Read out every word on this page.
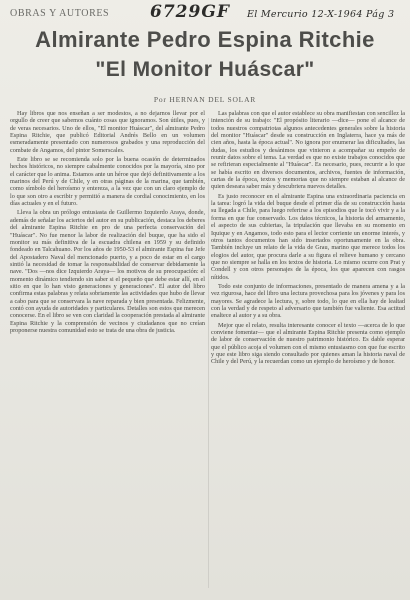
OBRAS Y AUTORES 6729GF El Mercurio 12-X-1964 Pág 3
Almirante Pedro Espina Ritchie
"El Monitor Huáscar"
Por HERNAN DEL SOLAR

Hay libros que nos enseñan a ser modestos, a no dejarnos llevar por el orgullo de creer que sabemos cuánto cosas que ignoramos. Son útiles, pues, y de veras necesarios. Uno de ellos, "El monitor Huáscar", del almirante Pedro Espina Ritchie, que publicó Editorial Andrés Bello en un volumen esmeradamente presentado con numerosos grabados y una reproducción del combate de Angamos, del pintor Somerscales.

Este libro se se recomienda solo por la buena ocasión de determinados hechos históricos, no siempre cabalmente conocidos por la mayoría, sino por el carácter que lo anima. Estamos ante un héroe que dejó definitivamente a los marinos del Perú y de Chile, y en otras páginas de la marina, que también, como símbolo del heroísmo y entereza, a la vez que con un claro ejemplo de lo que son otro a escribir y permitió a manera de cordial conocimiento, en los días actuales y en el futuro.

Lleva la obra un prólogo entusiasta de Guillermo Izquierdo Araya, donde, además de señalar los aciertos del autor en su publicación, destaca los deberes del almirante Espina Ritchie en pro de una perfecta conservación del "Huáscar". No fue menor la labor de realización del buque, que ha sido el monitor su más definitiva de la escuadra chilena en 1959 y su definido fondeado en Talcahuano. Por los años de 1950-53 el almirante Espina fue Jefe del Apostadero Naval del mencionado puerto, y a poco de estar en el cargo sintió la necesidad de tomar la responsabilidad de conservar debidamente la nave. "Dos —nos dice Izquierdo Araya— los motivos de su preocupación: el momento dinámico tendiendo sin saber si el pequeño que debe estar allí, en el sitio en que lo han visto generaciones y generaciones". El autor del libro confirma estas palabras y relata sobriamente las actividades que hubo de llevar a cabo para que se conservara la nave reparada y bien presentada. Felizmente, contó con ayuda de autoridades y particulares. Detalles son estos que merecen conocerse. En el libro se ven con claridad la cooperación prestada al almirante Espina Ritchie y la comprensión de vecinos y ciudadanos que no creían proponerse nuestra comunidad esto se trata de una obra de justicia.

Las palabras con que el autor establece su obra manifiestan con sencillez la intención de su trabajo: "El propósito literario —dice— pone el alcance de todos nuestros compatriotas algunos antecedentes generales sobre la historia del monitor "Huáscar" desde su construcción en Inglaterra, hace ya más de cien años, hasta la época actual". No ignora por enumerar las dificultades, las dudas, los estudios y desánimos que vinieron a acompañar su empeño de reunir datos sobre el tema. La verdad es que no existe trabajos conocidos que se refirieran especialmente al "Huáscar". Es necesario, pues, recurrir a lo que se había escrito en diversos documentos, archivos, fuentes de información, cartas de la época, textos y memorias que no siempre estaban al alcance de quien deseara saber más y descubriera nuevos detalles.

Es justo reconocer en el almirante Espina una extraordinaria paciencia en la tarea: logró la vida del buque desde el primer día de su construcción hasta su llegada a Chile, para luego referirse a los episodios que le tocó vivir y a la forma en que fue conservado. Los datos técnicos, la historia del armamento, el aspecto de sus cubiertas, la tripulación que llevaba en su momento en Iquique y en Angamos, todo esto para el lector corriente un enorme interés, y otros tantos documentos han sido insertados oportunamente en la obra. También incluye un relato de la vida de Grau, marino que merece todos los elogios del autor, que procura darle a su figura el relieve humano y cercano que no siempre se halla en los textos de historia. Lo mismo ocurre con Prat y Condell y con otros personajes de la época, los que aparecen con rasgos nítidos.

Todo este conjunto de informaciones, presentado de manera amena y a la vez rigurosa, hace del libro una lectura provechosa para los jóvenes y para los mayores. Se agradece la lectura, y, sobre todo, lo que en ella hay de lealtad con la verdad y de respeto al adversario que también fue valiente. Esa actitud enaltece al autor y a su obra.

Mejor que el relato, resulta interesante conocer el texto —acerca de lo que conviene fomentar— que el almirante Espina Ritchie presenta como ejemplo de labor de conservación de nuestro patrimonio histórico. Es dable esperar que el público acoja el volumen con el mismo entusiasmo con que fue escrito y que este libro siga siendo consultado por quienes aman la historia naval de Chile y del Perú, y la recuerdan como un ejemplo de heroísmo y de honor.
